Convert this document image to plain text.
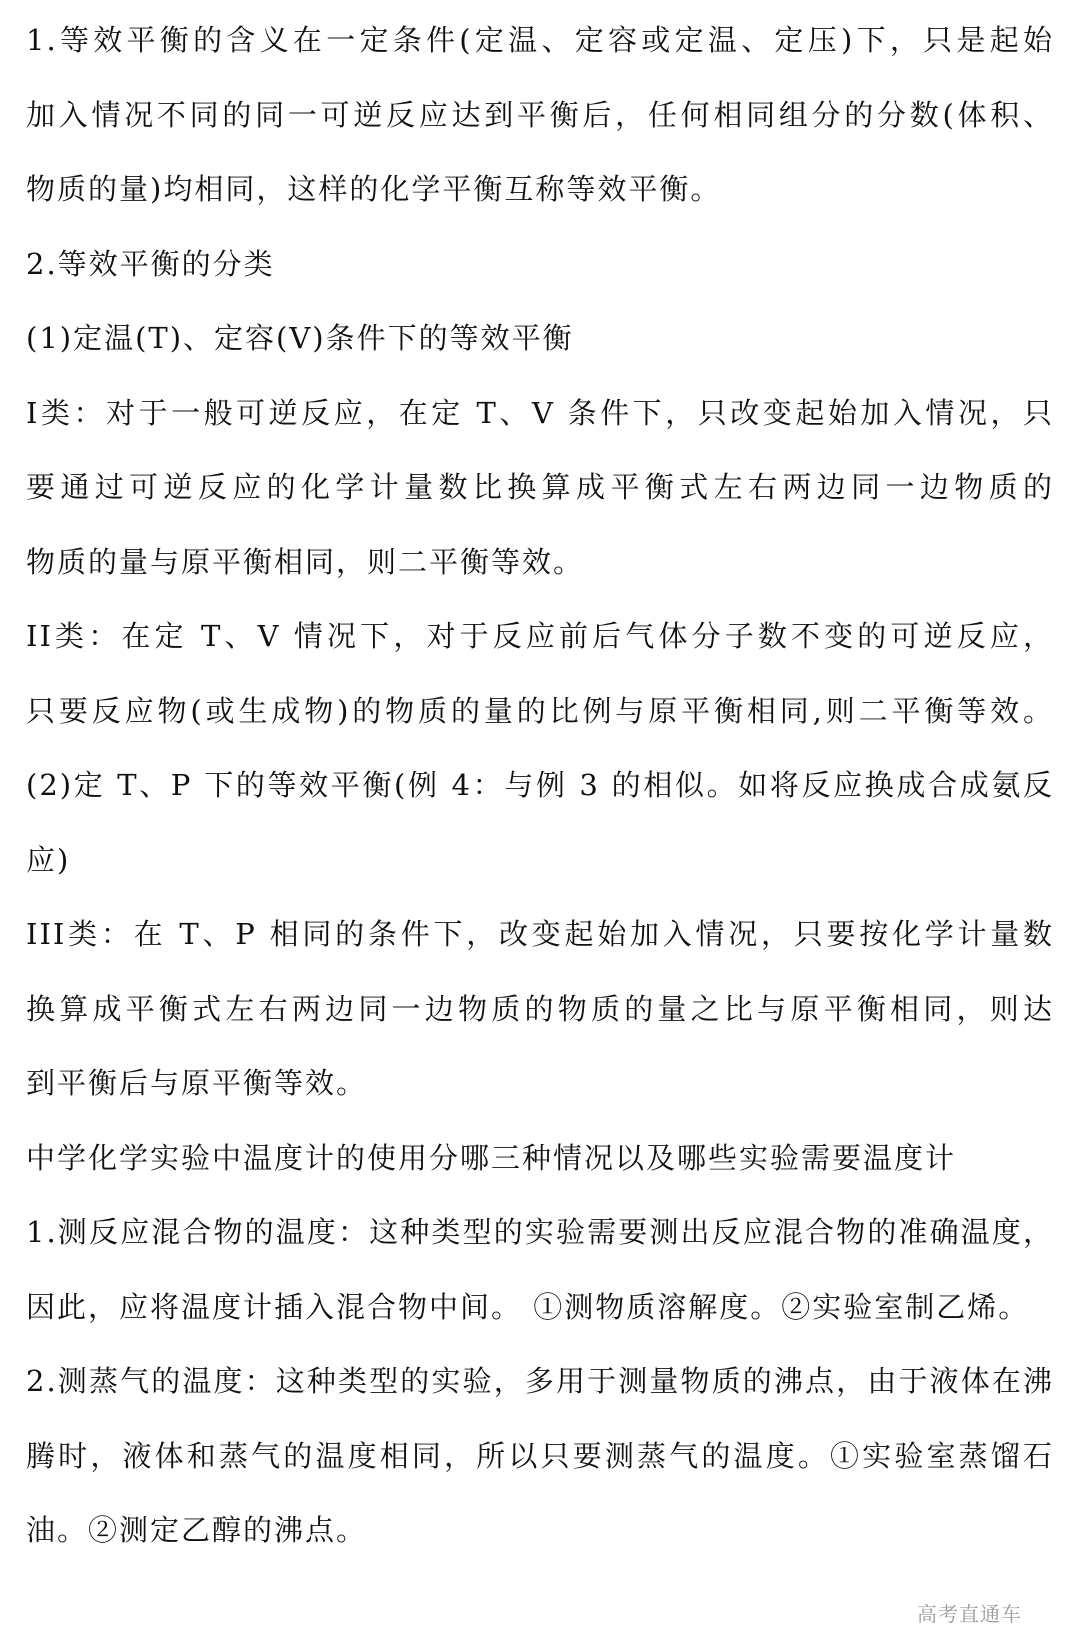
1.等效平衡的含义在一定条件(定温、定容或定温、定压)下，只是起始
加入情况不同的同一可逆反应达到平衡后，任何相同组分的分数(体积、
物质的量)均相同，这样的化学平衡互称等效平衡。
2.等效平衡的分类
(1)定温(T)、定容(V)条件下的等效平衡
I类：对于一般可逆反应，在定 T、V 条件下，只改变起始加入情况，只
要通过可逆反应的化学计量数比换算成平衡式左右两边同一边物质的
物质的量与原平衡相同，则二平衡等效。
II类：在定 T、V 情况下，对于反应前后气体分子数不变的可逆反应，
只要反应物(或生成物)的物质的量的比例与原平衡相同,则二平衡等效。
(2)定 T、P 下的等效平衡(例 4：与例 3 的相似。如将反应换成合成氨反
应)
III类：在 T、P 相同的条件下，改变起始加入情况，只要按化学计量数
换算成平衡式左右两边同一边物质的物质的量之比与原平衡相同，则达
到平衡后与原平衡等效。
中学化学实验中温度计的使用分哪三种情况以及哪些实验需要温度计
1.测反应混合物的温度：这种类型的实验需要测出反应混合物的准确温度，
因此，应将温度计插入混合物中间。 ①测物质溶解度。②实验室制乙烯。
2.测蒸气的温度：这种类型的实验，多用于测量物质的沸点，由于液体在沸
腾时，液体和蒸气的温度相同，所以只要测蒸气的温度。①实验室蒸馏石
油。②测定乙醇的沸点。
高考直通车
